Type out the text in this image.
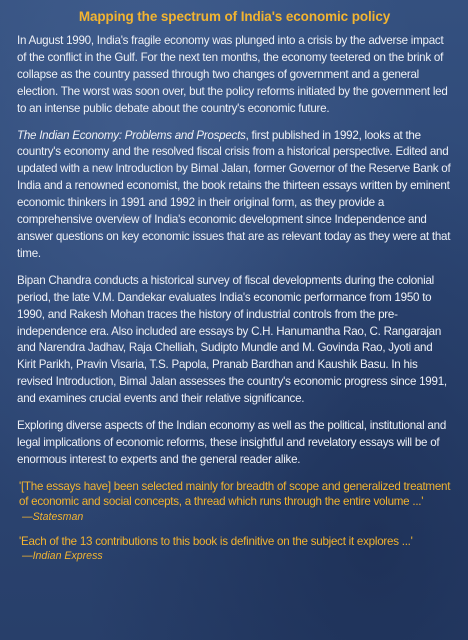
Mapping the spectrum of India's economic policy

In August 1990, India's fragile economy was plunged into a crisis by the adverse impact of the conflict in the Gulf. For the next ten months, the economy teetered on the brink of collapse as the country passed through two changes of government and a general election. The worst was soon over, but the policy reforms initiated by the government led to an intense public debate about the country's economic future.

The Indian Economy: Problems and Prospects, first published in 1992, looks at the country's economy and the resolved fiscal crisis from a historical perspective. Edited and updated with a new Introduction by Bimal Jalan, former Governor of the Reserve Bank of India and a renowned economist, the book retains the thirteen essays written by eminent economic thinkers in 1991 and 1992 in their original form, as they provide a comprehensive overview of India's economic development since Independence and answer questions on key economic issues that are as relevant today as they were at that time.

Bipan Chandra conducts a historical survey of fiscal developments during the colonial period, the late V.M. Dandekar evaluates India's economic performance from 1950 to 1990, and Rakesh Mohan traces the history of industrial controls from the pre-independence era. Also included are essays by C.H. Hanumantha Rao, C. Rangarajan and Narendra Jadhav, Raja Chelliah, Sudipto Mundle and M. Govinda Rao, Jyoti and Kirit Parikh, Pravin Visaria, T.S. Papola, Pranab Bardhan and Kaushik Basu. In his revised Introduction, Bimal Jalan assesses the country's economic progress since 1991, and examines crucial events and their relative significance.

Exploring diverse aspects of the Indian economy as well as the political, institutional and legal implications of economic reforms, these insightful and revelatory essays will be of enormous interest to experts and the general reader alike.

'[The essays have] been selected mainly for breadth of scope and generalized treatment of economic and social concepts, a thread which runs through the entire volume ...'

—Statesman

'Each of the 13 contributions to this book is definitive on the subject it explores ...'

—Indian Express
